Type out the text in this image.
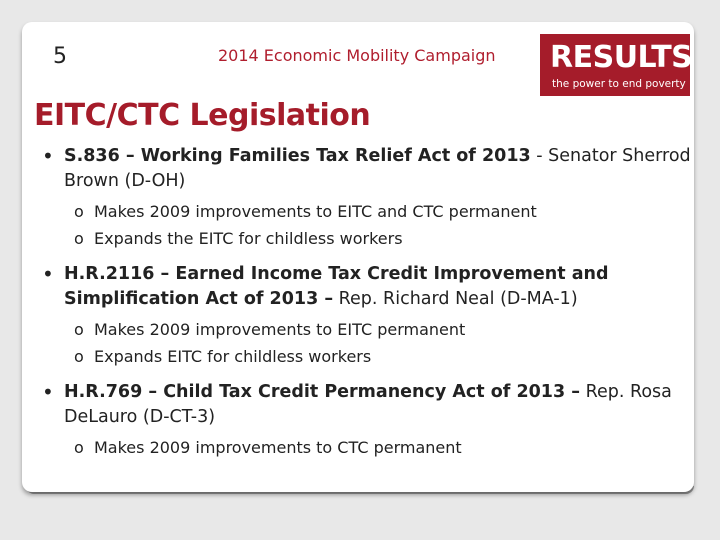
5	2014 Economic Mobility Campaign RESULTS
the power to end poverty
EITC/CTC Legislation
• S.836 – Working Families Tax Relief Act of 2013 - Senator Sherrod Brown (D-OH)
o Makes 2009 improvements to EITC and CTC permanent
o Expands the EITC for childless workers
• H.R.2116 – Earned Income Tax Credit Improvement and Simplification Act of 2013 – Rep. Richard Neal (D-MA-1)
o Makes 2009 improvements to EITC permanent
o Expands EITC for childless workers
• H.R.769 – Child Tax Credit Permanency Act of 2013 – Rep. Rosa DeLauro (D-CT-3)
o Makes 2009 improvements to CTC permanent
